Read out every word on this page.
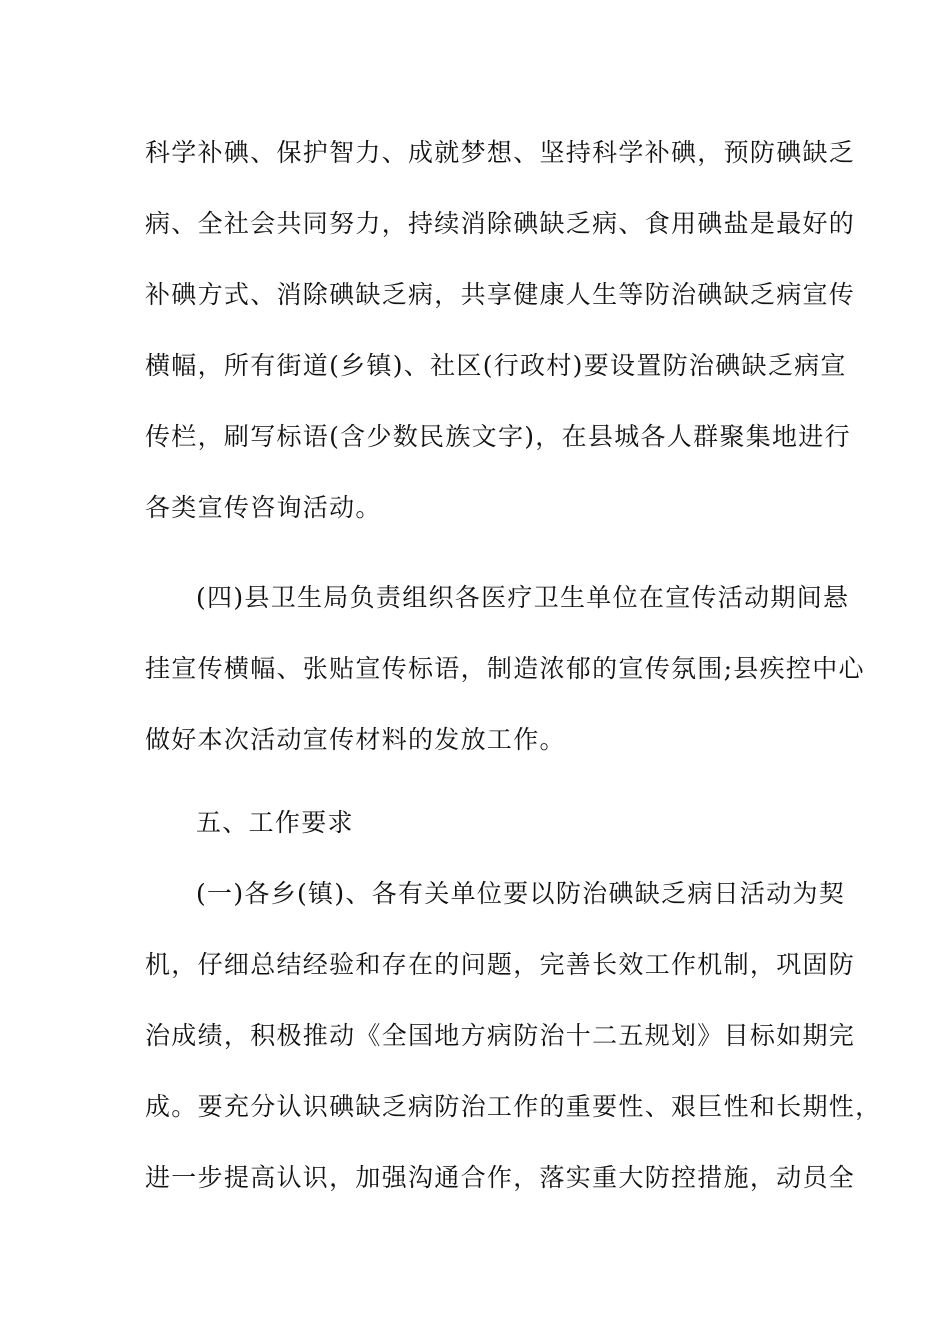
科学补碘、保护智力、成就梦想、坚持科学补碘，预防碘缺乏
病、全社会共同努力，持续消除碘缺乏病、食用碘盐是最好的
补碘方式、消除碘缺乏病，共享健康人生等防治碘缺乏病宣传
横幅，所有街道(乡镇)、社区(行政村)要设置防治碘缺乏病宣
传栏，刷写标语(含少数民族文字)，在县城各人群聚集地进行
各类宣传咨询活动。
(四)县卫生局负责组织各医疗卫生单位在宣传活动期间悬
挂宣传横幅、张贴宣传标语，制造浓郁的宣传氛围;县疾控中心
做好本次活动宣传材料的发放工作。
五、工作要求
(一)各乡(镇)、各有关单位要以防治碘缺乏病日活动为契
机，仔细总结经验和存在的问题，完善长效工作机制，巩固防
治成绩，积极推动《全国地方病防治十二五规划》目标如期完
成。要充分认识碘缺乏病防治工作的重要性、艰巨性和长期性，
进一步提高认识，加强沟通合作，落实重大防控措施，动员全
